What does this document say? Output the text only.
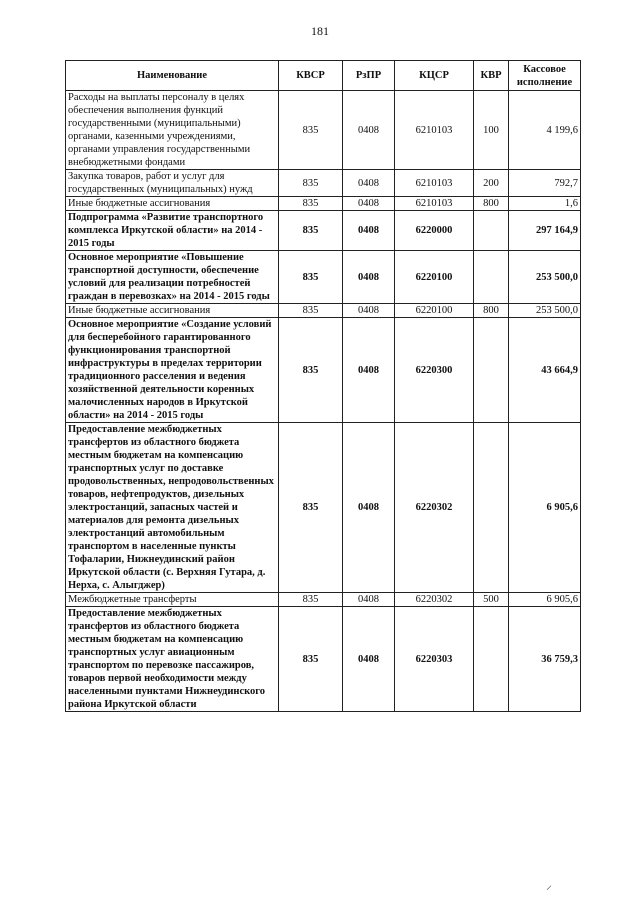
181
Наименование	КВСР	РзПР	КЦСР	КВР	Кассовое исполнение
Расходы на выплаты персоналу в целях обеспечения выполнения функций государственными (муниципальными) органами, казенными учреждениями, органами управления государственными внебюджетными фондами	835	0408	6210103	100	4 199,6
Закупка товаров, работ и услуг для государственных (муниципальных) нужд	835	0408	6210103	200	792,7
Иные бюджетные ассигнования	835	0408	6210103	800	1,6
Подпрограмма «Развитие транспортного комплекса Иркутской области» на 2014 - 2015 годы	835	0408	6220000		297 164,9
Основное мероприятие «Повышение транспортной доступности, обеспечение условий для реализации потребностей граждан в перевозках» на 2014 - 2015 годы	835	0408	6220100		253 500,0
Иные бюджетные ассигнования	835	0408	6220100	800	253 500,0
Основное мероприятие «Создание условий для бесперебойного гарантированного функционирования транспортной инфраструктуры в пределах территории традиционного расселения и ведения хозяйственной деятельности коренных малочисленных народов в Иркутской области» на 2014 - 2015 годы	835	0408	6220300		43 664,9
Предоставление межбюджетных трансфертов из областного бюджета местным бюджетам на компенсацию транспортных услуг по доставке продовольственных, непродовольственных товаров, нефтепродуктов, дизельных электростанций, запасных частей и материалов для ремонта дизельных электростанций автомобильным транспортом в населенные пункты Тофаларии, Нижнеудинский район Иркутской области (с. Верхняя Гутара, д. Нерха, с. Алыгджер)	835	0408	6220302		6 905,6
Межбюджетные трансферты	835	0408	6220302	500	6 905,6
Предоставление межбюджетных трансфертов из областного бюджета местным бюджетам на компенсацию транспортных услуг авиационным транспортом по перевозке пассажиров, товаров первой необходимости между населенными пунктами Нижнеудинского района Иркутской области	835	0408	6220303		36 759,3
⸝
